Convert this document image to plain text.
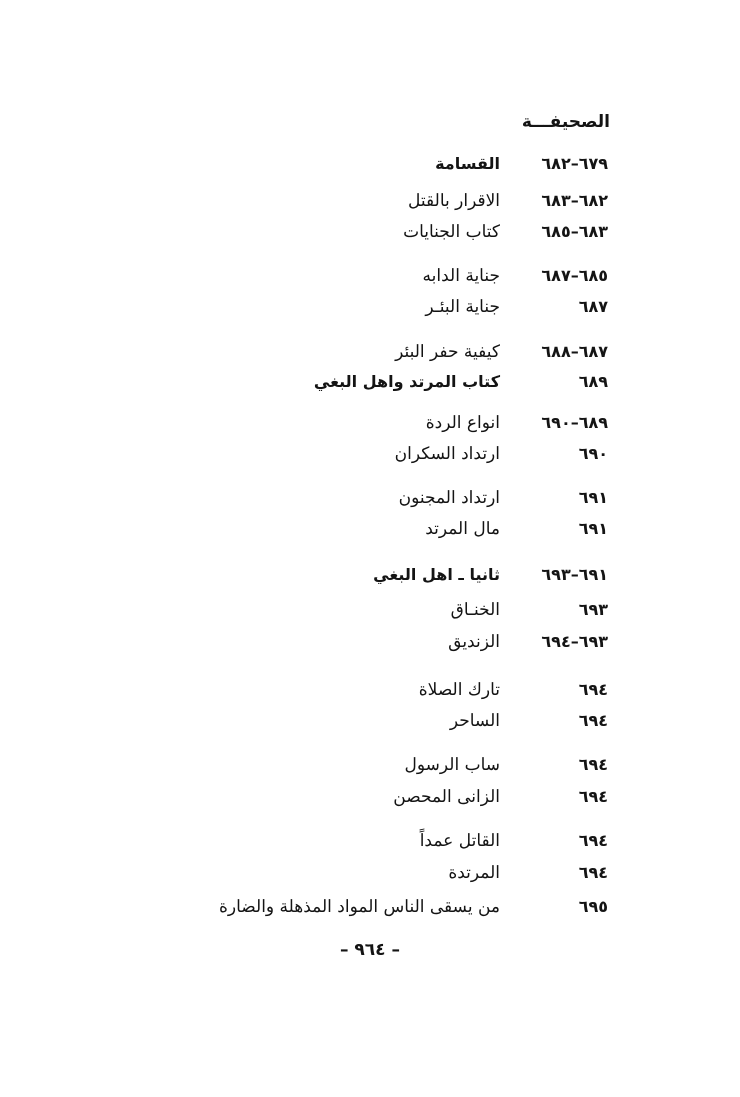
الصحيفـــة
٦٧٩–٦٨٢
القسامة
٦٨٢–٦٨٣
الاقرار بالقتل
٦٨٣–٦٨٥
كتاب الجنايات
٦٨٥–٦٨٧
جناية الدابه
٦٨٧
جناية البئـر
٦٨٧–٦٨٨
كيفية حفر البئر
٦٨٩
كتاب المرتد واهل البغي
٦٨٩–٦٩٠
انواع الردة
٦٩٠
ارتداد السكران
٦٩١
ارتداد المجنون
٦٩١
مال المرتد
٦٩١–٦٩٣
ثانيا ـ اهل البغي
٦٩٣
الخنـاق
٦٩٣–٦٩٤
الزنديق
٦٩٤
تارك الصلاة
٦٩٤
الساحر
٦٩٤
ساب الرسول
٦٩٤
الزانى المحصن
٦٩٤
القاتل عمداً
٦٩٤
المرتدة
٦٩٥
من يسقى الناس المواد المذهلة والضارة
– ٩٦٤ –
